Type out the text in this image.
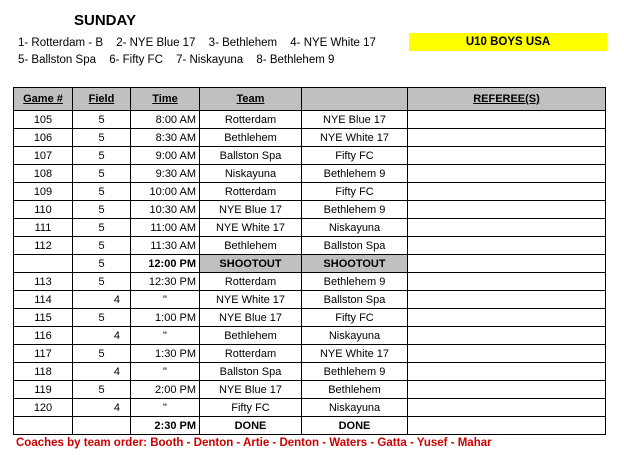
SUNDAY
1- Rotterdam - B 2- NYE Blue 17 3- Bethlehem 4- NYE White 17
5- Ballston Spa 6- Fifty FC 7- Niskayuna 8- Bethlehem 9
U10 BOYS USA
Game #	Field	Time	Team		REFEREE(S)
105	5	8:00 AM	Rotterdam	NYE Blue 17	
106	5	8:30 AM	Bethlehem	NYE White 17	
107	5	9:00 AM	Ballston Spa	Fifty FC	
108	5	9:30 AM	Niskayuna	Bethlehem 9	
109	5	10:00 AM	Rotterdam	Fifty FC	
110	5	10:30 AM	NYE Blue 17	Bethlehem 9	
111	5	11:00 AM	NYE White 17	Niskayuna	
112	5	11:30 AM	Bethlehem	Ballston Spa	
	5	12:00 PM	SHOOTOUT	SHOOTOUT	
113	5	12:30 PM	Rotterdam	Bethlehem 9	
114	4	"	NYE White 17	Ballston Spa	
115	5	1:00 PM	NYE Blue 17	Fifty FC	
116	4	"	Bethlehem	Niskayuna	
117	5	1:30 PM	Rotterdam	NYE White 17	
118	4	"	Ballston Spa	Bethlehem 9	
119	5	2:00 PM	NYE Blue 17	Bethlehem	
120	4	"	Fifty FC	Niskayuna	
		2:30 PM	DONE	DONE	
Coaches by team order: Booth - Denton - Artie - Denton - Waters - Gatta - Yusef - Mahar
